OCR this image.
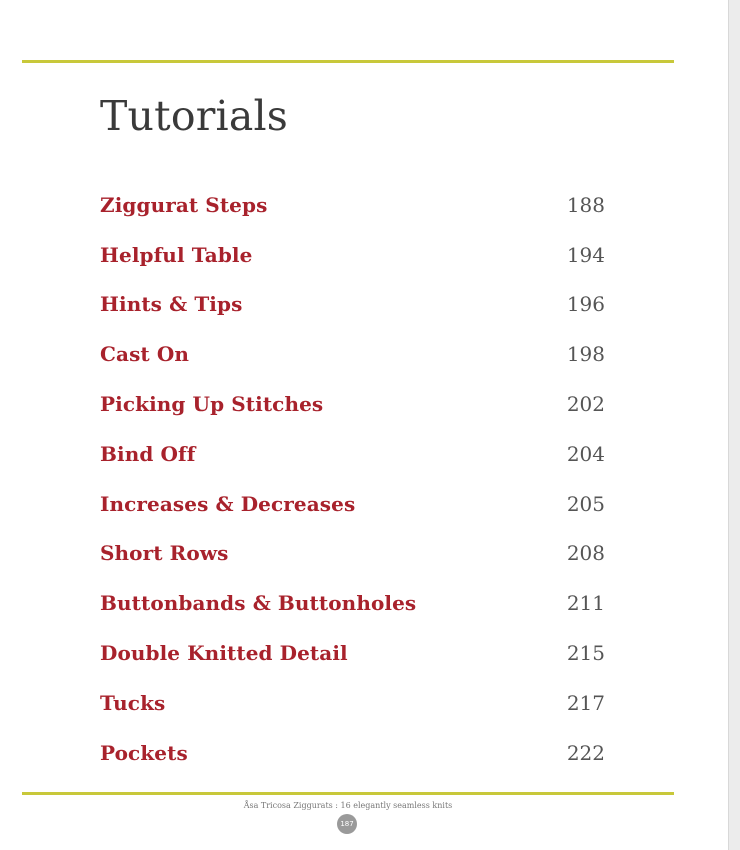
Tutorials
Ziggurat Steps	188
Helpful Table	194
Hints & Tips	196
Cast On	198
Picking Up Stitches	202
Bind Off	204
Increases & Decreases	205
Short Rows	208
Buttonbands & Buttonholes	211
Double Knitted Detail	215
Tucks	217
Pockets	222
Åsa Tricosa Ziggurats : 16 elegantly seamless knits
187
